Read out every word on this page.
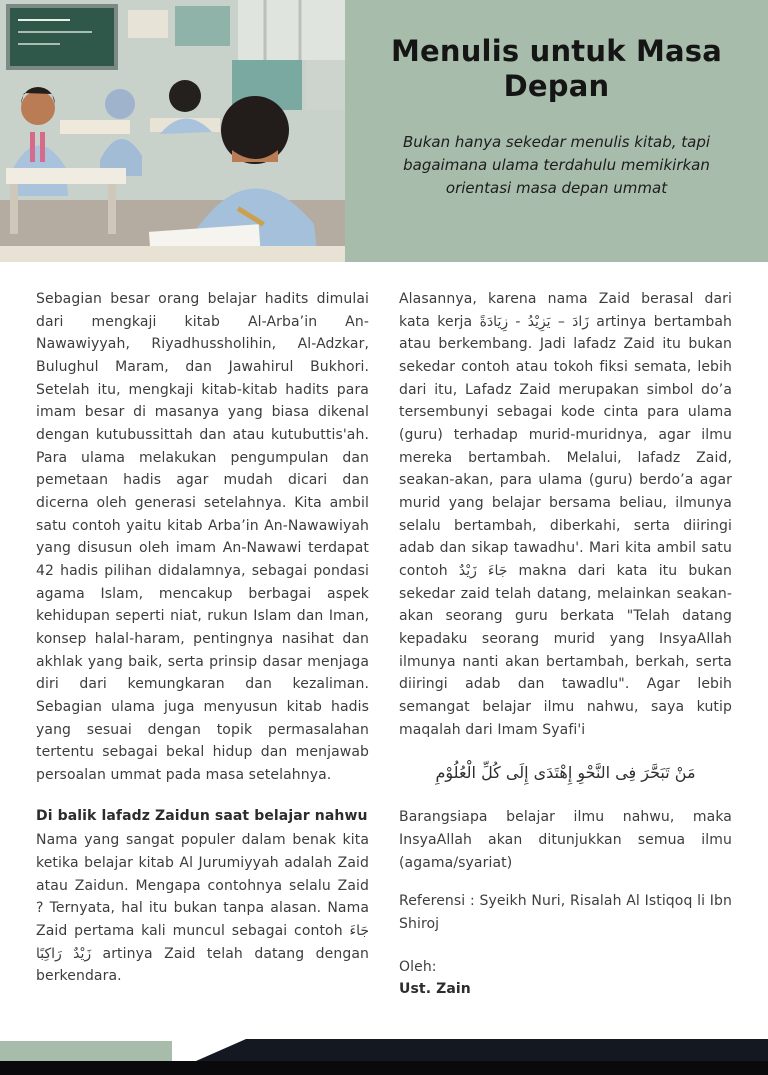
Menulis untuk Masa Depan
Bukan hanya sekedar menulis kitab, tapi bagaimana ulama terdahulu memikirkan orientasi masa depan ummat

Sebagian besar orang belajar hadits dimulai dari mengkaji kitab Al-Arba’in An-Nawawiyyah, Riyadhussholihin, Al-Adzkar, Bulughul Maram, dan Jawahirul Bukhori. Setelah itu, mengkaji kitab-kitab hadits para imam besar di masanya yang biasa dikenal dengan kutubussittah dan atau kutubuttis'ah. Para ulama melakukan pengumpulan dan pemetaan hadis agar mudah dicari dan dicerna oleh generasi setelahnya. Kita ambil satu contoh yaitu kitab Arba’in An-Nawawiyah yang disusun oleh imam An-Nawawi terdapat 42 hadis pilihan didalamnya, sebagai pondasi agama Islam, mencakup berbagai aspek kehidupan seperti niat, rukun Islam dan Iman, konsep halal-haram, pentingnya nasihat dan akhlak yang baik, serta prinsip dasar menjaga diri dari kemungkaran dan kezaliman. Sebagian ulama juga menyusun kitab hadis yang sesuai dengan topik permasalahan tertentu sebagai bekal hidup dan menjawab persoalan ummat pada masa setelahnya.

Di balik lafadz Zaidun saat belajar nahwu

Nama yang sangat populer dalam benak kita ketika belajar kitab Al Jurumiyyah adalah Zaid atau Zaidun. Mengapa contohnya selalu Zaid ? Ternyata, hal itu bukan tanpa alasan. Nama Zaid pertama kali muncul sebagai contoh جَاءَ زَيْدٌ رَاكِبًا artinya Zaid telah datang dengan berkendara.

Alasannya, karena nama Zaid berasal dari kata kerja زَادَ – يَزِيْدُ - زِيَادَةً artinya bertambah atau berkembang. Jadi lafadz Zaid itu bukan sekedar contoh atau tokoh fiksi semata, lebih dari itu, Lafadz Zaid merupakan simbol do’a tersembunyi sebagai kode cinta para ulama (guru) terhadap murid-muridnya, agar ilmu mereka bertambah. Melalui, lafadz Zaid, seakan-akan, para ulama (guru) berdo’a agar murid yang belajar bersama beliau, ilmunya selalu bertambah, diberkahi, serta diiringi adab dan sikap tawadhu'. Mari kita ambil satu contoh جَاءَ زَيْدٌ makna dari kata itu bukan sekedar zaid telah datang, melainkan seakan-akan seorang guru berkata "Telah datang kepadaku seorang murid yang InsyaAllah ilmunya nanti akan bertambah, berkah, serta diiringi adab dan tawadlu". Agar lebih semangat belajar ilmu nahwu, saya kutip maqalah dari Imam Syafi'i

مَنْ تَبَحَّرَ فِى النَّحْوِ إِهْتَدَى إِلَى كُلِّ الْعُلُوْمِ

Barangsiapa belajar ilmu nahwu, maka InsyaAllah akan ditunjukkan semua ilmu (agama/syariat)

Referensi : Syeikh Nuri, Risalah Al Istiqoq li Ibn Shiroj

Oleh:
Ust. Zain
